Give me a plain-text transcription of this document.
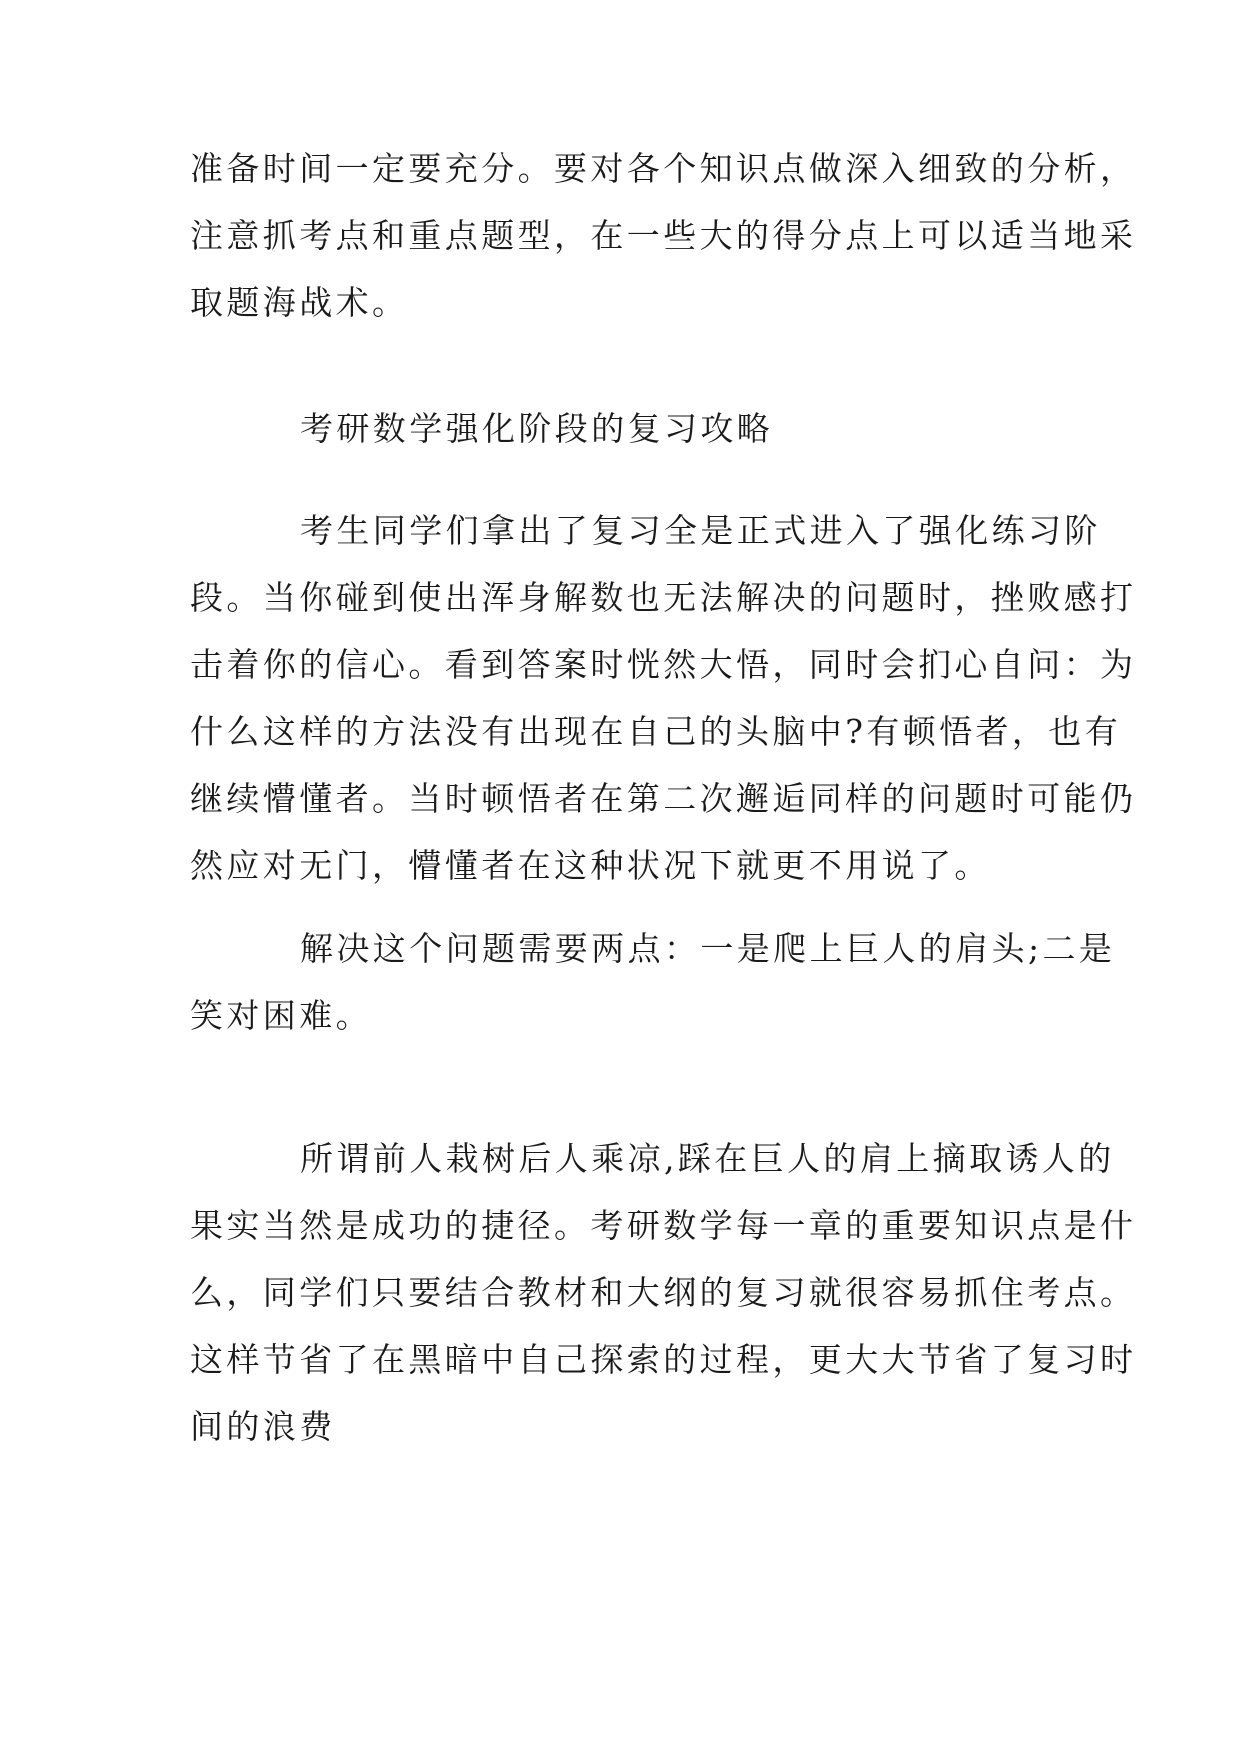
准备时间一定要充分。要对各个知识点做深入细致的分析，
注意抓考点和重点题型，在一些大的得分点上可以适当地采
取题海战术。
考研数学强化阶段的复习攻略
考生同学们拿出了复习全是正式进入了强化练习阶
段。当你碰到使出浑身解数也无法解决的问题时，挫败感打
击着你的信心。看到答案时恍然大悟，同时会扪心自问：为
什么这样的方法没有出现在自己的头脑中?有顿悟者，也有
继续懵懂者。当时顿悟者在第二次邂逅同样的问题时可能仍
然应对无门，懵懂者在这种状况下就更不用说了。
解决这个问题需要两点：一是爬上巨人的肩头;二是
笑对困难。
所谓前人栽树后人乘凉,踩在巨人的肩上摘取诱人的
果实当然是成功的捷径。考研数学每一章的重要知识点是什
么，同学们只要结合教材和大纲的复习就很容易抓住考点。
这样节省了在黑暗中自己探索的过程，更大大节省了复习时
间的浪费
